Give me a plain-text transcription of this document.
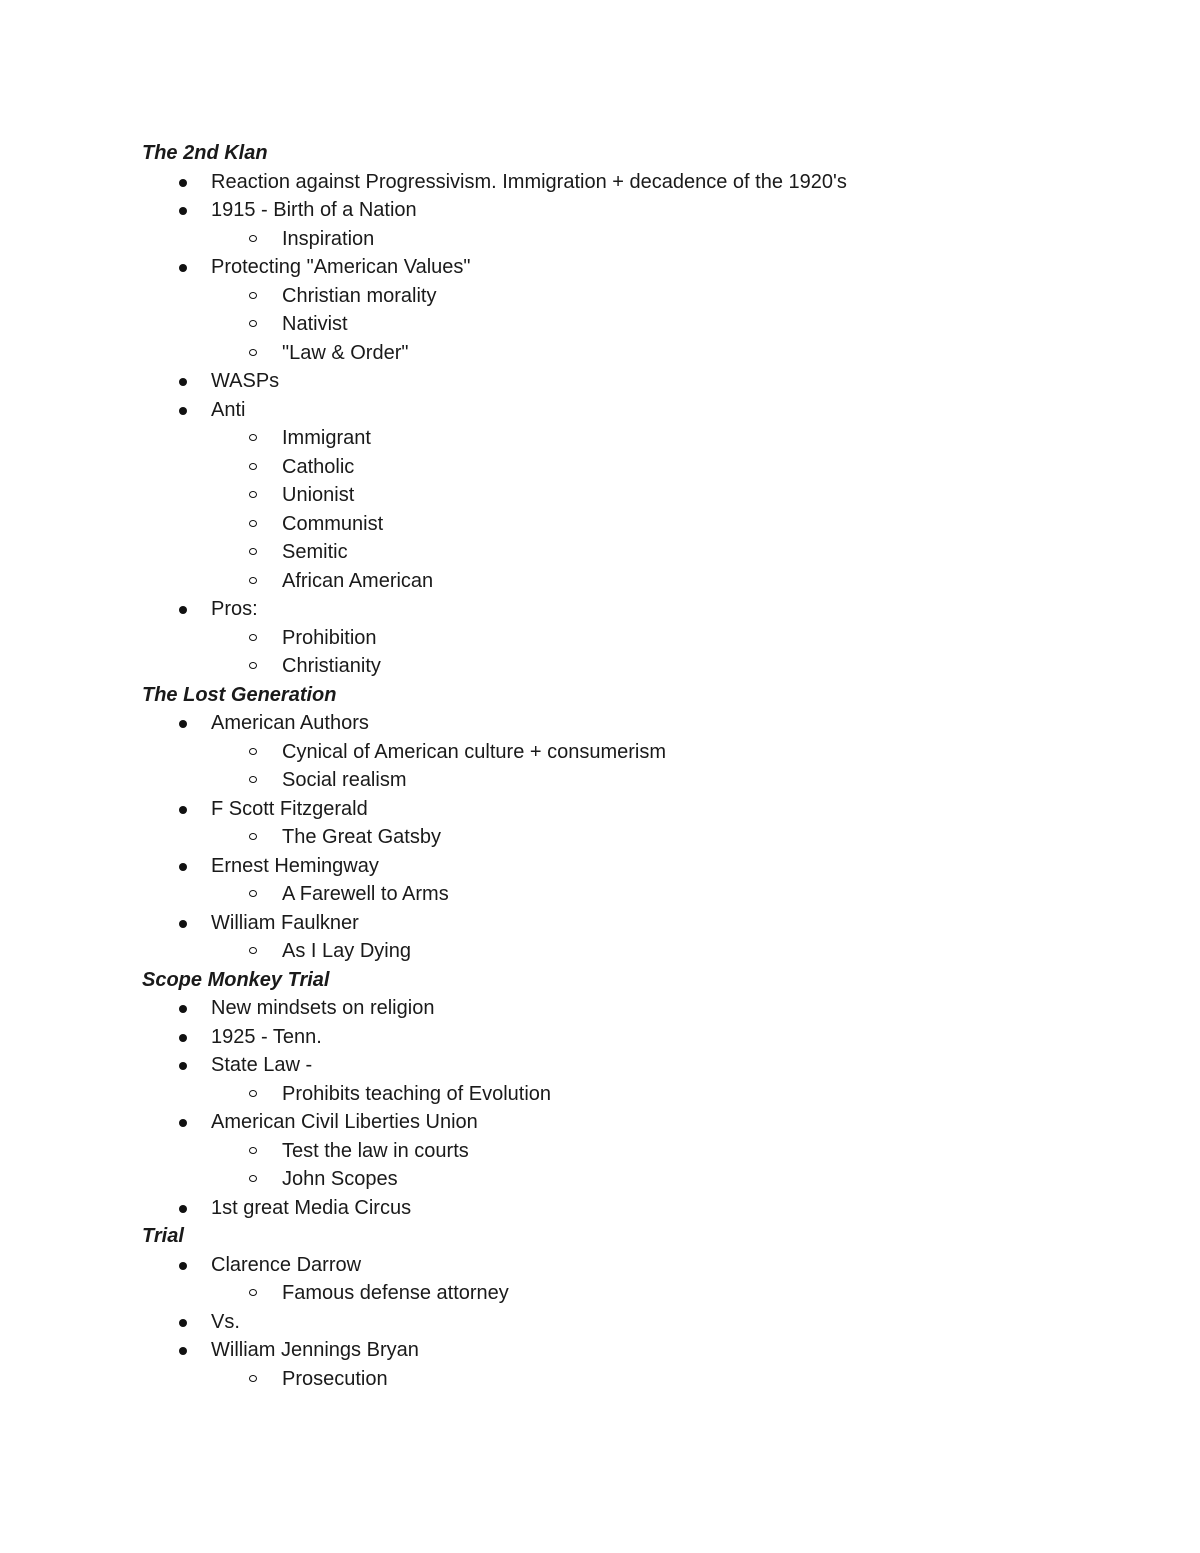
The 2nd Klan
Reaction against Progressivism. Immigration + decadence of the 1920's
1915 - Birth of a Nation
Inspiration
Protecting "American Values"
Christian morality
Nativist
"Law & Order"
WASPs
Anti
Immigrant
Catholic
Unionist
Communist
Semitic
African American
Pros:
Prohibition
Christianity
The Lost Generation
American Authors
Cynical of American culture + consumerism
Social realism
F Scott Fitzgerald
The Great Gatsby
Ernest Hemingway
A Farewell to Arms
William Faulkner
As I Lay Dying
Scope Monkey Trial
New mindsets on religion
1925 - Tenn.
State Law -
Prohibits teaching of Evolution
American Civil Liberties Union
Test the law in courts
John Scopes
1st great Media Circus
Trial
Clarence Darrow
Famous defense attorney
Vs.
William Jennings Bryan
Prosecution
